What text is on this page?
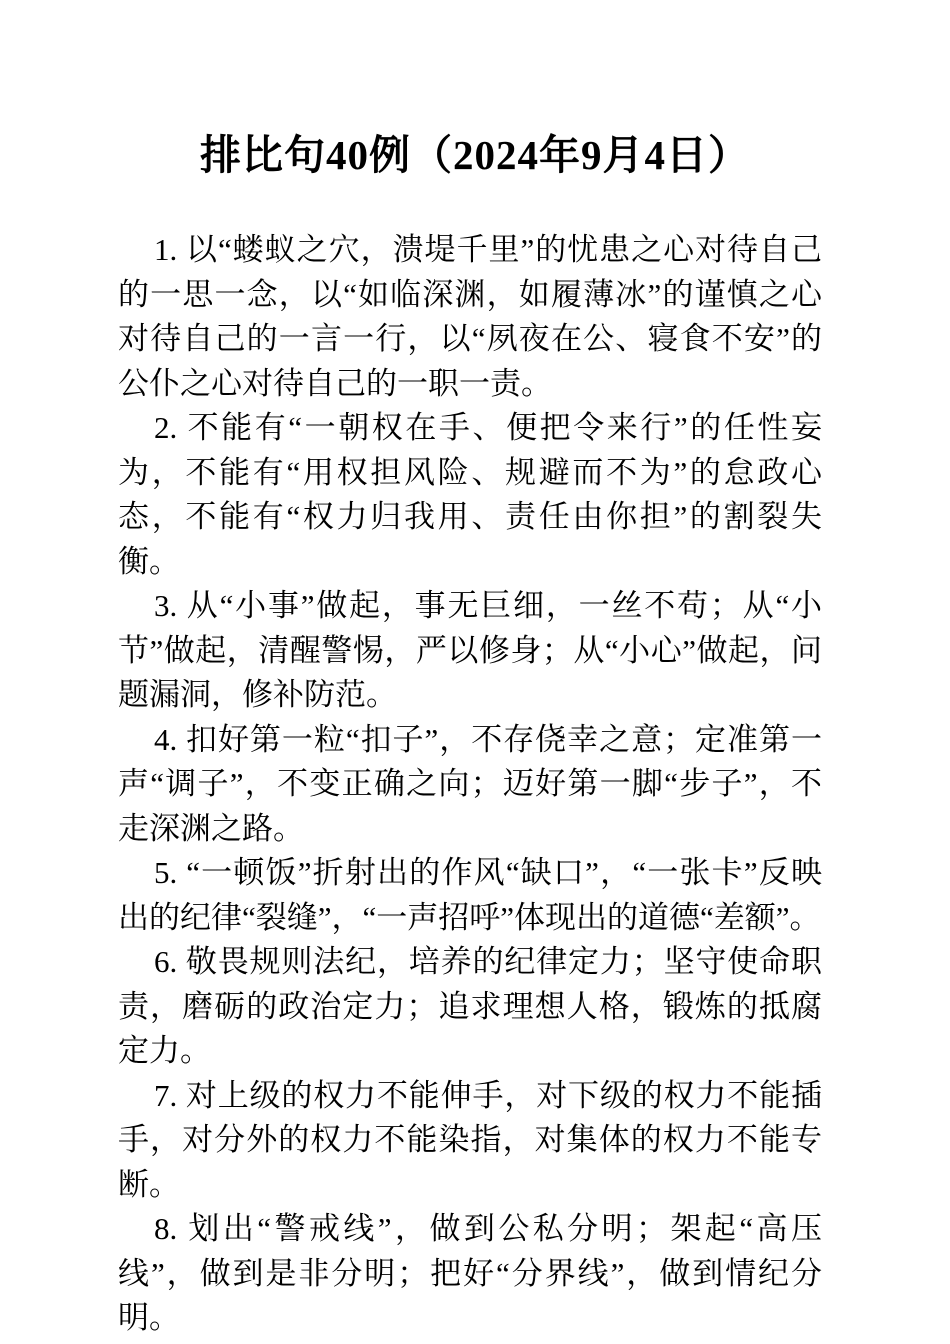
排比句40例（2024年9月4日）

1. 以“蝼蚁之穴，溃堤千里”的忧患之心对待自己的一思一念，以“如临深渊，如履薄冰”的谨慎之心对待自己的一言一行，以“夙夜在公、寝食不安”的公仆之心对待自己的一职一责。

2. 不能有“一朝权在手、便把令来行”的任性妄为，不能有“用权担风险、规避而不为”的怠政心态，不能有“权力归我用、责任由你担”的割裂失衡。

3. 从“小事”做起，事无巨细，一丝不苟；从“小节”做起，清醒警惕，严以修身；从“小心”做起，问题漏洞，修补防范。

4. 扣好第一粒“扣子”，不存侥幸之意；定准第一声“调子”，不变正确之向；迈好第一脚“步子”，不走深渊之路。

5. “一顿饭”折射出的作风“缺口”，“一张卡”反映出的纪律“裂缝”，“一声招呼”体现出的道德“差额”。

6. 敬畏规则法纪，培养的纪律定力；坚守使命职责，磨砺的政治定力；追求理想人格，锻炼的抵腐定力。

7. 对上级的权力不能伸手，对下级的权力不能插手，对分外的权力不能染指，对集体的权力不能专断。

8. 划出“警戒线”，做到公私分明；架起“高压线”，做到是非分明；把好“分界线”，做到情纪分明。
